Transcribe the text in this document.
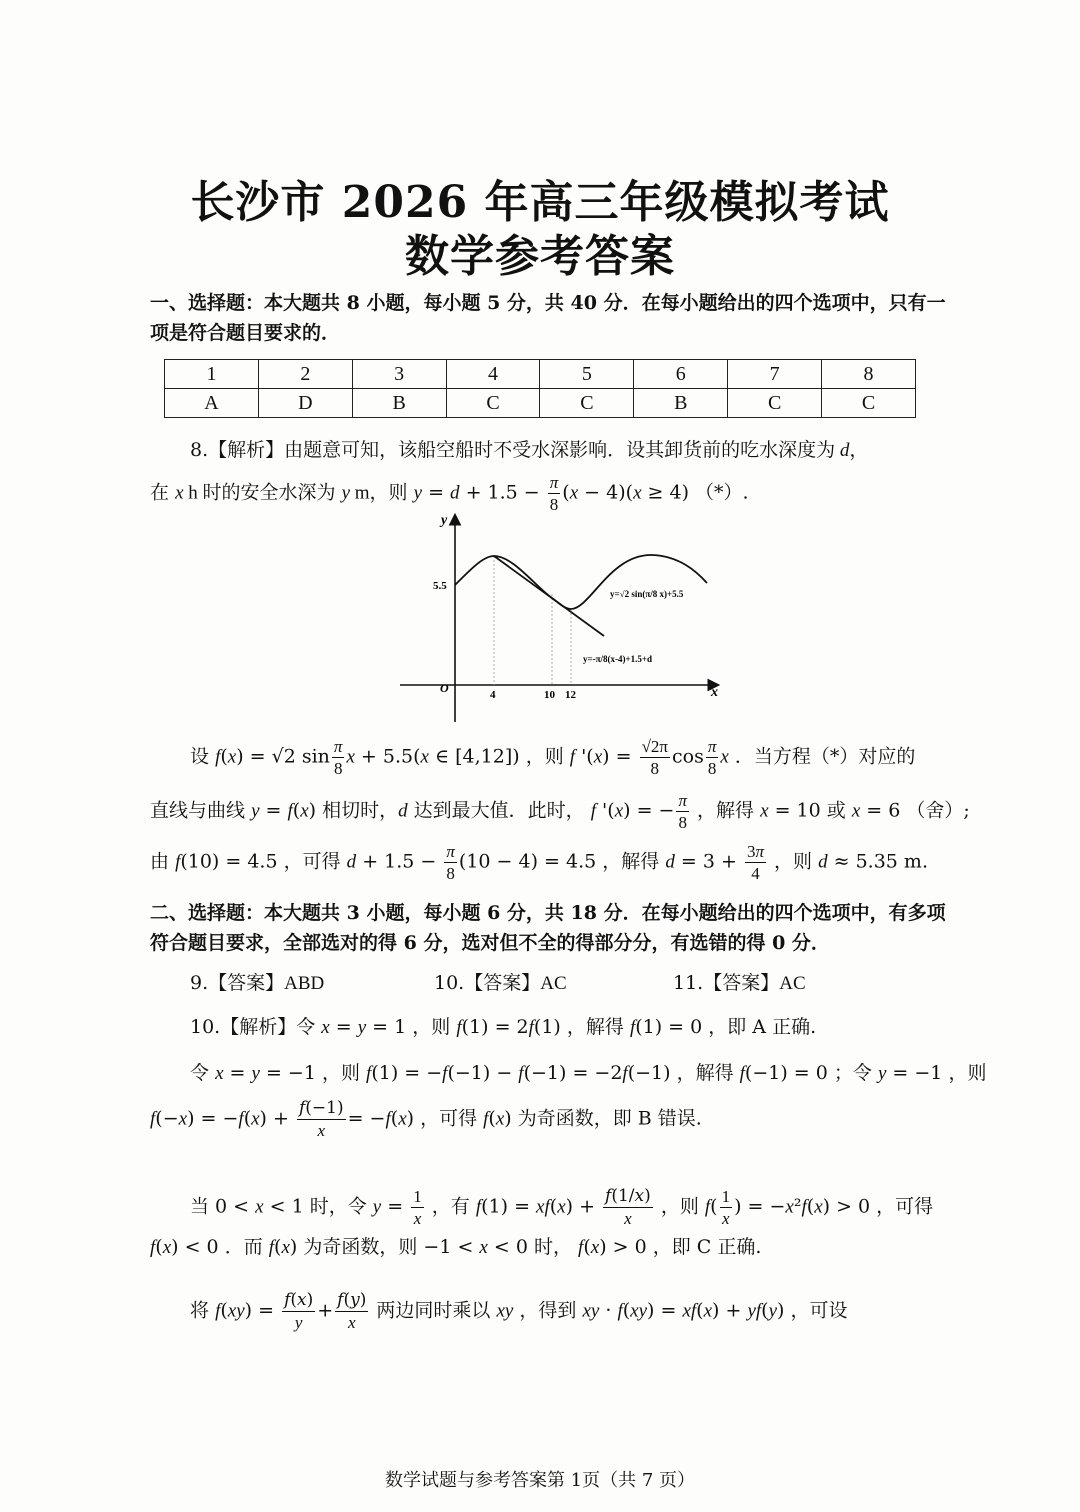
长沙市 2026 年高三年级模拟考试
数学参考答案
一、选择题：本大题共 8 小题，每小题 5 分，共 40 分．在每小题给出的四个选项中，只有一项是符合题目要求的．
1	2	3	4	5	6	7	8
A	D	B	C	C	B	C	C
8.【解析】由题意可知，该船空船时不受水深影响．设其卸货前的吃水深度为 d，
在 x h 时的安全水深为 y m，则 $y = d + 1.5 - \frac{\pi}{8} (x - 4)(x \ge 4)$ （*）.
y
x
O
5.5
4	10 12
y=√2 sin(π/8 x)+5.5
y=-π/8(x-4)+1.5+d
设 f(x) = √2 $\sin \frac{\pi}{8}$ x + 5.5(x ∈ [4,12]) ，则 f '$(x) = \frac{√2\pi}{8}$ $\cos \frac{\pi}{8}$ x ．当方程（*）对应的
直线与曲线 y = f(x) 相切时，d 达到最大值．此时， f '(x) = − $\frac{\pi}{8}$ ，解得 x = 10 或 x = 6 （舍）;
由 f(10) = 4.5 ，可得 $d + 1.5 - \frac{\pi}{8} (10 - 4) = 4.5$ ，解得 $d = 3 + \frac{3\pi}{4}$ ，则 d ≈ 5.35 m.
二、选择题：本大题共 3 小题，每小题 6 分，共 18 分．在每小题给出的四个选项中，有多项符合题目要求，全部选对的得 6 分，选对但不全的得部分分，有选错的得 0 分．
9.【答案】ABD	10.【答案】AC	11.【答案】AC
10.【解析】令 x = y = 1 ，则 f(1) = 2f(1) ，解得 f(1) = 0 ，即 A 正确.
令 x = y = −1 ，则 f(1) = −f(−1) − f(−1) = −2f(−1) ，解得 f(−1) = 0 ；令 y = −1 ，则
$f(-x) = -f(x) + \frac{f(-1)}{x} = -f(x)$ ，可得 f(x) 为奇函数，即 B 错误.
当 0 < x < 1 时，令 $y = \frac{1}{x}$ ，有 $f(1) = xf(x) + \frac{f(1/x)}{x}$ ，则 $f( \frac{1}{x}$ ) = −x²f(x) > 0 ，可得
f(x) < 0 ．而 f(x) 为奇函数，则 −1 < x < 0 时， f(x) > 0 ，即 C 正确.
将 $f(xy) = \frac{f(x)}{y} + \frac{f(y)}{x}$ 两边同时乘以 xy ，得到 xy · f(xy) = xf(x) + yf(y) ，可设
数学试题与参考答案第 1页（共 7 页）
